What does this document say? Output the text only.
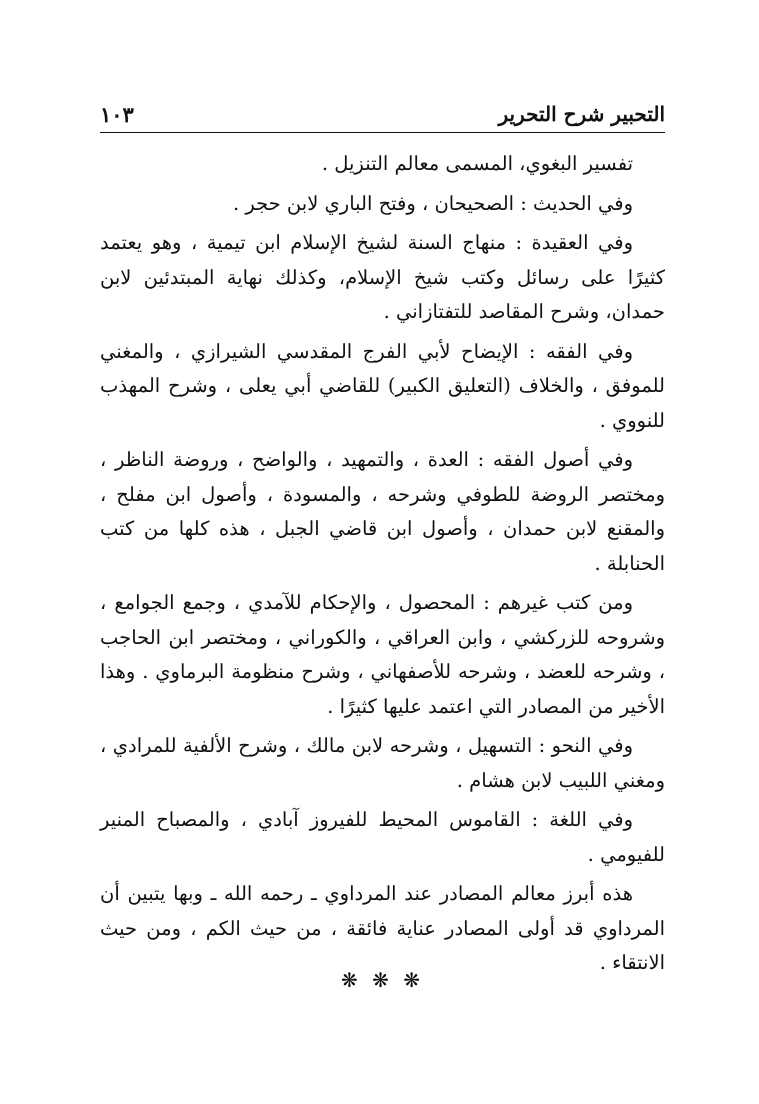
التحبير شرح التحرير
١٠٣

تفسير البغوي، المسمى معالم التنزيل .

وفي الحديث : الصحيحان ، وفتح الباري لابن حجر .

وفي العقيدة : منهاج السنة لشيخ الإسلام ابن تيمية ، وهو يعتمد كثيرًا على رسائل وكتب شيخ الإسلام، وكذلك نهاية المبتدئين لابن حمدان، وشرح المقاصد للتفتازاني .

وفي الفقه : الإيضاح لأبي الفرج المقدسي الشيرازي ، والمغني للموفق ، والخلاف (التعليق الكبير) للقاضي أبي يعلى ، وشرح المهذب للنووي .

وفي أصول الفقه : العدة ، والتمهيد ، والواضح ، وروضة الناظر ، ومختصر الروضة للطوفي وشرحه ، والمسودة ، وأصول ابن مفلح ، والمقنع لابن حمدان ، وأصول ابن قاضي الجبل ، هذه كلها من كتب الحنابلة .

ومن كتب غيرهم : المحصول ، والإحكام للآمدي ، وجمع الجوامع ، وشروحه للزركشي ، وابن العراقي ، والكوراني ، ومختصر ابن الحاجب ، وشرحه للعضد ، وشرحه للأصفهاني ، وشرح منظومة البرماوي . وهذا الأخير من المصادر التي اعتمد عليها كثيرًا .

وفي النحو : التسهيل ، وشرحه لابن مالك ، وشرح الألفية للمرادي ، ومغني اللبيب لابن هشام .

وفي اللغة : القاموس المحيط للفيروز آبادي ، والمصباح المنير للفيومي .

هذه أبرز معالم المصادر عند المرداوي ـ رحمه الله ـ وبها يتبين أن المرداوي قد أولى المصادر عناية فائقة ، من حيث الكم ، ومن حيث الانتقاء .

❋ ❋ ❋
